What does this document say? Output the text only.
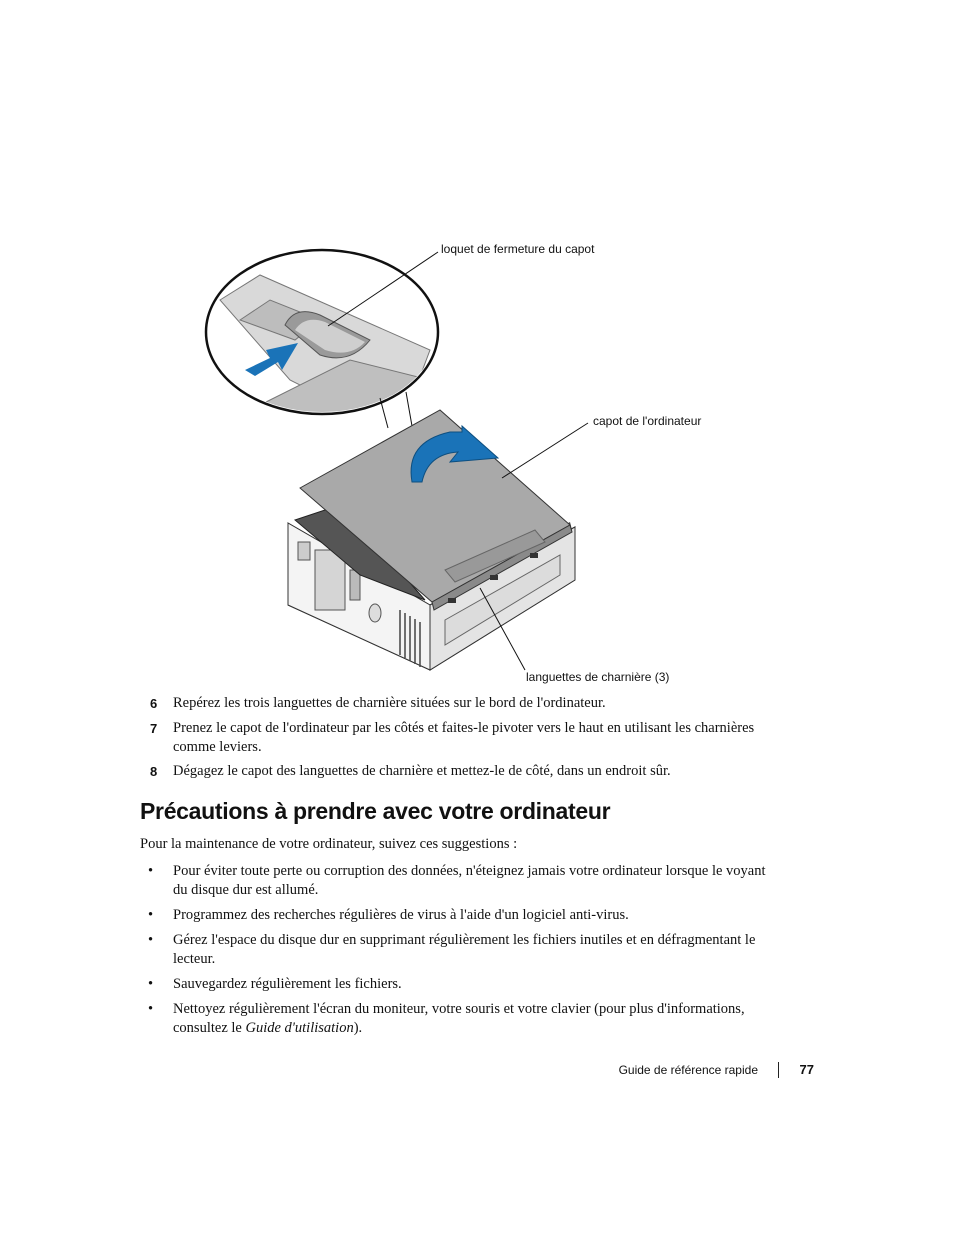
loquet de fermeture du capot
capot de l'ordinateur
languettes de charnière (3)
6 Repérez les trois languettes de charnière situées sur le bord de l'ordinateur.
7 Prenez le capot de l'ordinateur par les côtés et faites-le pivoter vers le haut en utilisant les charnières comme leviers.
8 Dégagez le capot des languettes de charnière et mettez-le de côté, dans un endroit sûr.
Précautions à prendre avec votre ordinateur
Pour la maintenance de votre ordinateur, suivez ces suggestions :
• Pour éviter toute perte ou corruption des données, n'éteignez jamais votre ordinateur lorsque le voyant du disque dur est allumé.
• Programmez des recherches régulières de virus à l'aide d'un logiciel anti-virus.
• Gérez l'espace du disque dur en supprimant régulièrement les fichiers inutiles et en défragmentant le lecteur.
• Sauvegardez régulièrement les fichiers.
• Nettoyez régulièrement l'écran du moniteur, votre souris et votre clavier (pour plus d'informations, consultez le Guide d'utilisation).
Guide de référence rapide	77
